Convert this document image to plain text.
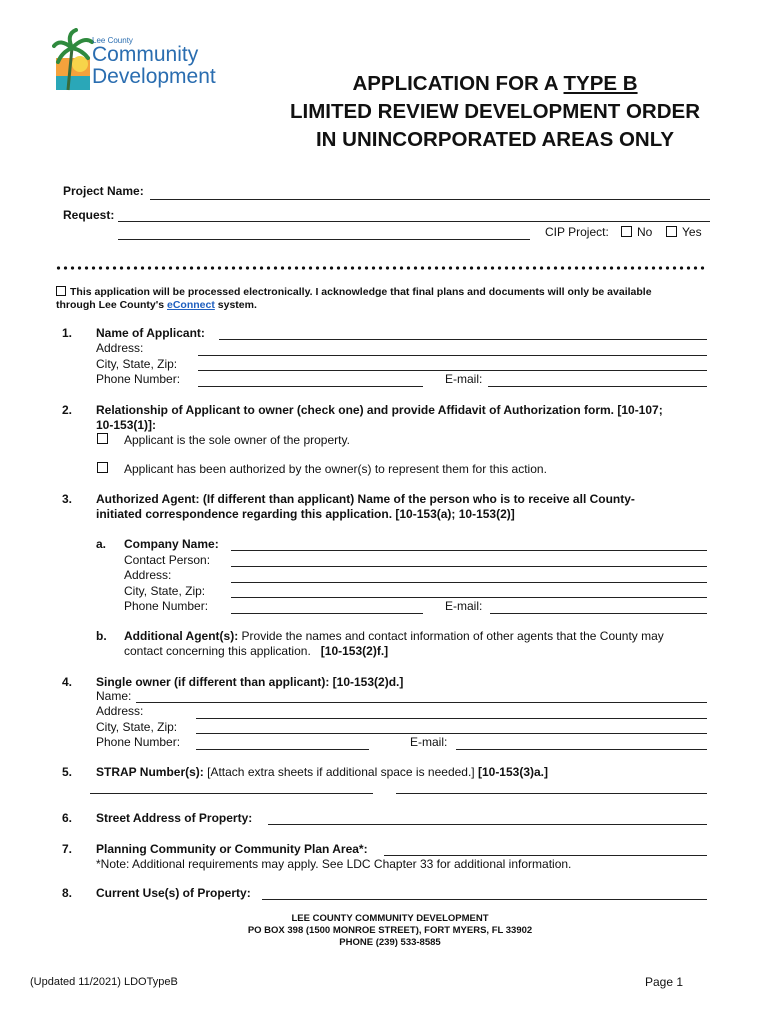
Lee County
Community
Development	APPLICATION FOR A TYPE B
LIMITED REVIEW DEVELOPMENT ORDER
IN UNINCORPORATED AREAS ONLY
Project Name:
Request:
CIP Project: No Yes
This application will be processed electronically. I acknowledge that final plans and documents will only be available
through Lee County's eConnect system.
1. Name of Applicant:
Address:
City, State, Zip:
Phone Number:	E-mail:
2. Relationship of Applicant to owner (check one) and provide Affidavit of Authorization form. [10-107;
10-153(1)]:
Applicant is the sole owner of the property.
Applicant has been authorized by the owner(s) to represent them for this action.
3. Authorized Agent: (If different than applicant) Name of the person who is to receive all County-
initiated correspondence regarding this application. [10-153(a); 10-153(2)]
a. Company Name:
Contact Person:
Address:
City, State, Zip:
Phone Number:	E-mail:
b. Additional Agent(s): Provide the names and contact information of other agents that the County may
contact concerning this application. [10-153(2)f.]
4. Single owner (if different than applicant): [10-153(2)d.]
Name:
Address:
City, State, Zip:
Phone Number:	E-mail:
5. STRAP Number(s): [Attach extra sheets if additional space is needed.] [10-153(3)a.]
6. Street Address of Property:
7. Planning Community or Community Plan Area*:
*Note: Additional requirements may apply. See LDC Chapter 33 for additional information.
8. Current Use(s) of Property:
LEE COUNTY COMMUNITY DEVELOPMENT
PO BOX 398 (1500 MONROE STREET), FORT MYERS, FL 33902
PHONE (239) 533-8585
(Updated 11/2021) LDOTypeB	Page 1
